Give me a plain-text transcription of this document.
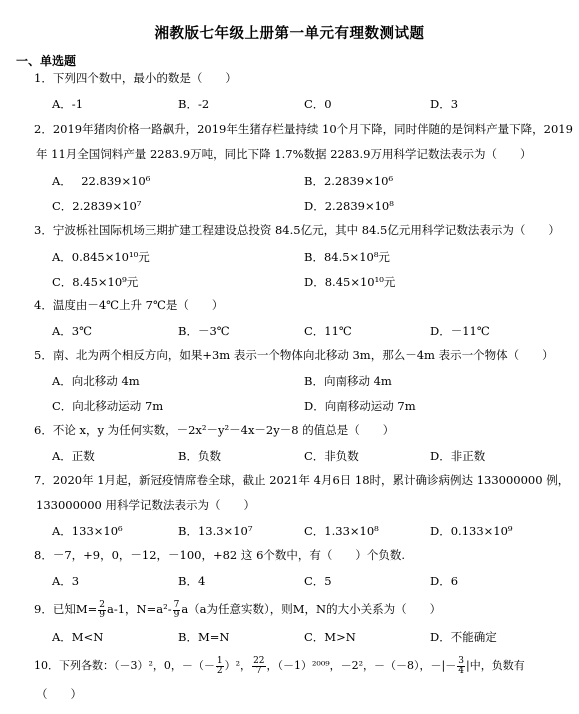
湘教版七年级上册第一单元有理数测试题
一、单选题
1．下列四个数中，最小的数是（　　）
A．-1	B．-2	C．0	D．3
2．2019年猪肉价格一路飙升，2019年生猪存栏量持续 10个月下降，同时伴随的是饲料产量下降，2019
年 11月全国饲料产量 2283.9万吨，同比下降 1.7%数据 2283.9万用科学记数法表示为（　　）
A．　 22.839×10⁶	B．2.2839×10⁶
C．2.2839×10⁷	D．2.2839×10⁸
3．宁波栎社国际机场三期扩建工程建设总投资 84.5亿元，其中 84.5亿元用科学记数法表示为（　　）
A．0.845×10¹⁰元	B．84.5×10⁸元
C．8.45×10⁹元	D．8.45×10¹⁰元
4．温度由－4℃上升 7℃是（　　）
A．3℃	B．－3℃	C．11℃	D．－11℃
5．南、北为两个相反方向，如果+3m 表示一个物体向北移动 3m，那么－4m 表示一个物体（　　）
A．向北移动 4m	B．向南移动 4m
C．向北移动运动 7m	D．向南移动运动 7m
6．不论 x，y 为任何实数，－2x²－y²－4x－2y－8 的值总是（　　）
A．正数	B．负数	C．非负数	D．非正数
7．2020年 1月起，新冠疫情席卷全球，截止 2021年 4月6日 18时，累计确诊病例达 133000000 例，
133000000 用科学记数法表示为（　　）
A．133×10⁶	B．13.3×10⁷	C．1.33×10⁸	D．0.133×10⁹
8．－7，+9，0，－12，－100，+82 这 6个数中，有（　　）个负数.
A．3	B．4	C．5	D．6
9．已知$M= \frac{2}{9} a-1$，$N=a^2- \frac{7}{9} a(a$为任意实数），则M，N的大小关系为（　　）
A．M<N	B．M=N	C．M>N	D．不能确定
10．下列各数：（－3）²，0，－（－ $\frac{1}{2} )^2$， $\frac{22}{7}$ ，（－1）²⁰⁰⁹，－2²，－（－8），－|－ $\frac{3}{4}$ |中，负数有
（　　）
